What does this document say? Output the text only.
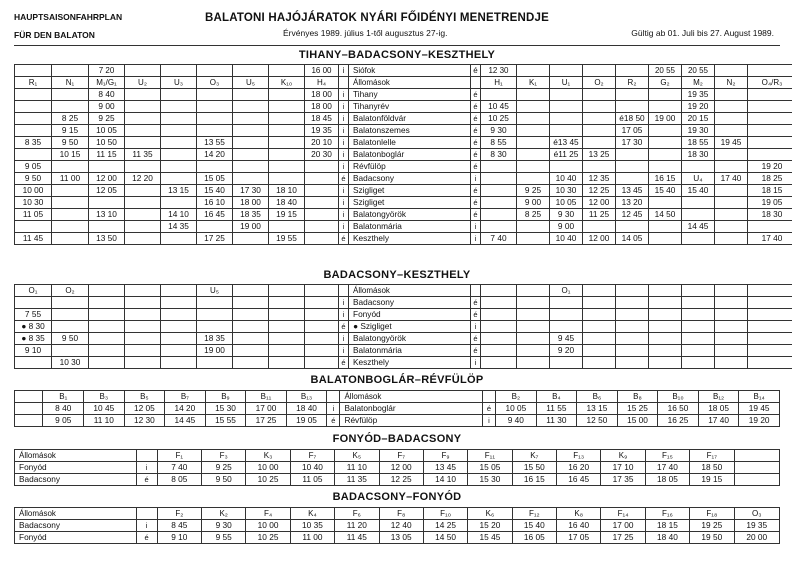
HAUPTSAISONFAHRPLAN
FÜR DEN BALATON
BALATONI HAJÓJÁRATOK NYÁRI FŐIDÉNYI MENETRENDJE
Érvényes 1989. július 1-től augusztus 27-ig.	Gültig ab 01. Juli bis 27. August 1989.
TIHANY–BADACSONY–KESZTHELY
		7 20						16 00	i	Siófok	é	12 30					20 55	20 55		
R₁	N₁	M₁/G₁	U₂	U₃	O₃	U₅	K₁₀	H₄		Állomások		H₁	K₁	U₁	O₂	R₂	G₂	M₂	N₂	O₄/R₃
		8 40						18 00	i	Tihany	é							19 35		
		9 00						18 00	i	Tihanyrév	é	10 45						19 20		
	8 25	9 25						18 45	i	Balatonföldvár	é	10 25				é18 50	19 00	20 15		
	9 15	10 05						19 35	i	Balatonszemes	é	9 30				17 05		19 30		
8 35	9 50	10 50			13 55			20 10	i	Balatonlelle	é	8 55		é13 45		17 30		18 55	19 45	
	10 15	11 15	11 35		14 20			20 30	i	Balatonboglár	é	8 30		é11 25	13 25			18 30		
9 05									i	Révfülöp	é									19 20
9 50	11 00	12 00	12 20		15 05				é	Badacsony	i			10 40	12 35		16 15	U₄	17 40	18 25
10 00		12 05		13 15	15 40	17 30	18 10		i	Szigliget	é		9 25	10 30	12 25	13 45	15 40	15 40		18 15
10 30					16 10	18 00	18 40		i	Szigliget	é		9 00	10 05	12 00	13 20				19 05
11 05		13 10		14 10	16 45	18 35	19 15		i	Balatongyörök	é		8 25	9 30	11 25	12 45	14 50			18 30
				14 35		19 00			i	Balatonmária	i			9 00				14 45		
11 45		13 50			17 25		19 55		é	Keszthely	i	7 40		10 40	12 00	14 05				17 40
BADACSONY–KESZTHELY
O₁	O₂				U₅					Állomások				O₁						
									i	Badacsony	é									
7 55									i	Fonyód	é									
● 8 30									é	● Szigliget	i									
● 8 35	9 50				18 35				i	Balatongyörök	é			9 45						
9 10					19 00				i	Balatonmária	é			9 20						
	10 30								é	Keszthely	i									
BALATONBOGLÁR–RÉVFÜLÖP
	B₁	B₃	B₅	B₇	B₉	B₁₁	B₁₃		Állomások		B₂	B₄	B₆	B₈	B₁₀	B₁₂	B₁₄
	8 40	10 45	12 05	14 20	15 30	17 00	18 40	i	Balatonboglár	é	10 05	11 55	13 15	15 25	16 50	18 05	19 45
	9 05	11 10	12 30	14 45	15 55	17 25	19 05	é	Révfülöp	i	9 40	11 30	12 50	15 00	16 25	17 40	19 20
FONYÓD–BADACSONY
Állomások		F₁	F₃	K₃	F₇	K₅	F₇	F₉	F₁₁	K₇	F₁₃	K₉	F₁₅	F₁₇	
Fonyód	i	7 40	9 25	10 00	10 40	11 10	12 00	13 45	15 05	15 50	16 20	17 10	17 40	18 50	
Badacsony	é	8 05	9 50	10 25	11 05	11 35	12 25	14 10	15 30	16 15	16 45	17 35	18 05	19 15	
BADACSONY–FONYÓD
Állomások		F₂	K₂	F₄	K₄	F₆	F₈	F₁₀	K₆	F₁₂	K₈	F₁₄	F₁₆	F₁₈	O₃
Badacsony	i	8 45	9 30	10 00	10 35	11 20	12 40	14 25	15 20	15 40	16 40	17 00	18 15	19 25	19 35
Fonyód	é	9 10	9 55	10 25	11 00	11 45	13 05	14 50	15 45	16 05	17 05	17 25	18 40	19 50	20 00
